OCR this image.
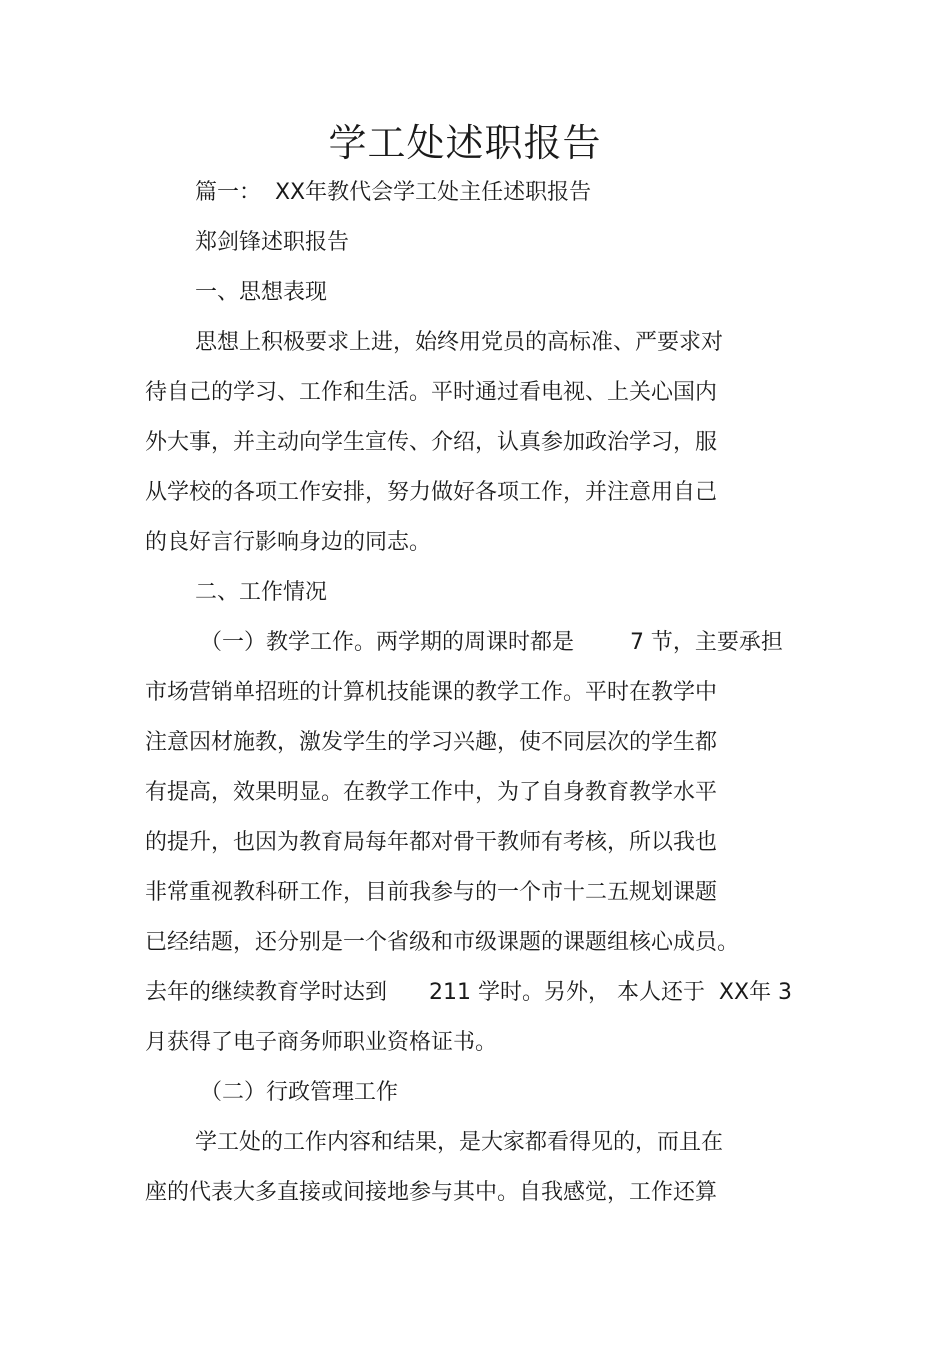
学工处述职报告
篇一：  XX年教代会学工处主任述职报告
郑剑锋述职报告
一、思想表现
思想上积极要求上进，始终用党员的高标准、严要求对
待自己的学习、工作和生活。平时通过看电视、上关心国内
外大事，并主动向学生宣传、介绍，认真参加政治学习，服
从学校的各项工作安排，努力做好各项工作，并注意用自己
的良好言行影响身边的同志。
二、工作情况
（一）教学工作。两学期的周课时都是        7 节，主要承担
市场营销单招班的计算机技能课的教学工作。平时在教学中
注意因材施教，激发学生的学习兴趣，使不同层次的学生都
有提高，效果明显。在教学工作中，为了自身教育教学水平
的提升，也因为教育局每年都对骨干教师有考核，所以我也
非常重视教科研工作，目前我参与的一个市十二五规划课题
已经结题，还分别是一个省级和市级课题的课题组核心成员。
去年的继续教育学时达到      211 学时。另外， 本人还于  XX年 3
月获得了电子商务师职业资格证书。
（二）行政管理工作
学工处的工作内容和结果，是大家都看得见的，而且在
座的代表大多直接或间接地参与其中。自我感觉，工作还算
